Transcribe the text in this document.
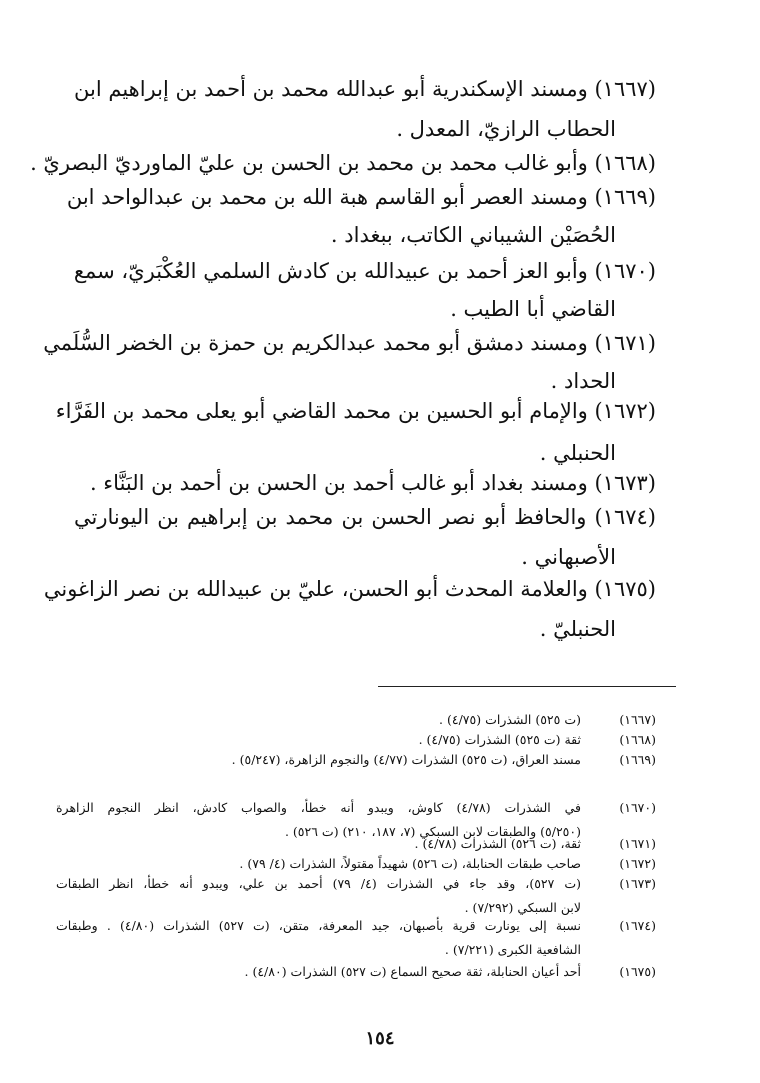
(١٦٦٧) ومسند الإسكندرية أبو عبدالله محمد بن أحمد بن إبراهيم ابن
الحطاب الرازيّ، المعدل .
(١٦٦٨) وأبو غالب محمد بن محمد بن الحسن بن عليّ الماورديّ البصريّ .
(١٦٦٩) ومسند العصر أبو القاسم هبة الله بن محمد بن عبدالواحد ابن
الحُصَيْن الشيباني الكاتب، ببغداد .
(١٦٧٠) وأبو العز أحمد بن عبيدالله بن كادش السلمي العُكْبَريّ، سمع
القاضي أبا الطيب .
(١٦٧١) ومسند دمشق أبو محمد عبدالكريم بن حمزة بن الخضر السُّلَمي
الحداد .
(١٦٧٢) والإمام أبو الحسين بن محمد القاضي أبو يعلى محمد بن الفَرَّاء
الحنبلي .
(١٦٧٣) ومسند بغداد أبو غالب أحمد بن الحسن بن أحمد بن البَنَّاء .
(١٦٧٤) والحافظ أبو نصر الحسن بن محمد بن إبراهيم بن اليونارتي
الأصبهاني .
(١٦٧٥) والعلامة المحدث أبو الحسن، عليّ بن عبيدالله بن نصر الزاغوني
الحنبليّ .
(١٦٦٧)
(ت ٥٢٥) الشذرات (٤/٧٥) .
(١٦٦٨)
ثقة (ت ٥٢٥) الشذرات (٤/٧٥) .
(١٦٦٩)
مسند العراق، (ت ٥٢٥) الشذرات (٤/٧٧) والنجوم الزاهرة، (٥/٢٤٧) .
(١٦٧٠)
في الشذرات (٤/٧٨) كاوش، ويبدو أنه خطأ، والصواب كادش، انظر النجوم الزاهرة
(٥/٢٥٠) والطبقات لابن السبكي (٧، ١٨٧، ٢١٠) (ت ٥٢٦) .
(١٦٧١)
ثقة، (ت ٥٢٦) الشذرات (٤/٧٨) .
(١٦٧٢)
صاحب طبقات الحنابلة، (ت ٥٢٦) شهيداً مقتولاً، الشذرات (٤/ ٧٩) .
(١٦٧٣)
(ت ٥٢٧)، وقد جاء في الشذرات (٤/ ٧٩) أحمد بن علي، ويبدو أنه خطأ، انظر الطبقات
لابن السبكي (٧/٢٩٢) .
(١٦٧٤)
نسبة إلى يونارت قرية بأصبهان، جيد المعرفة، متقن، (ت ٥٢٧) الشذرات (٤/٨٠) . وطبقات
الشافعية الكبرى (٧/٢٢١) .
(١٦٧٥)
أحد أعيان الحنابلة، ثقة صحيح السماع (ت ٥٢٧) الشذرات (٤/٨٠) .
١٥٤
